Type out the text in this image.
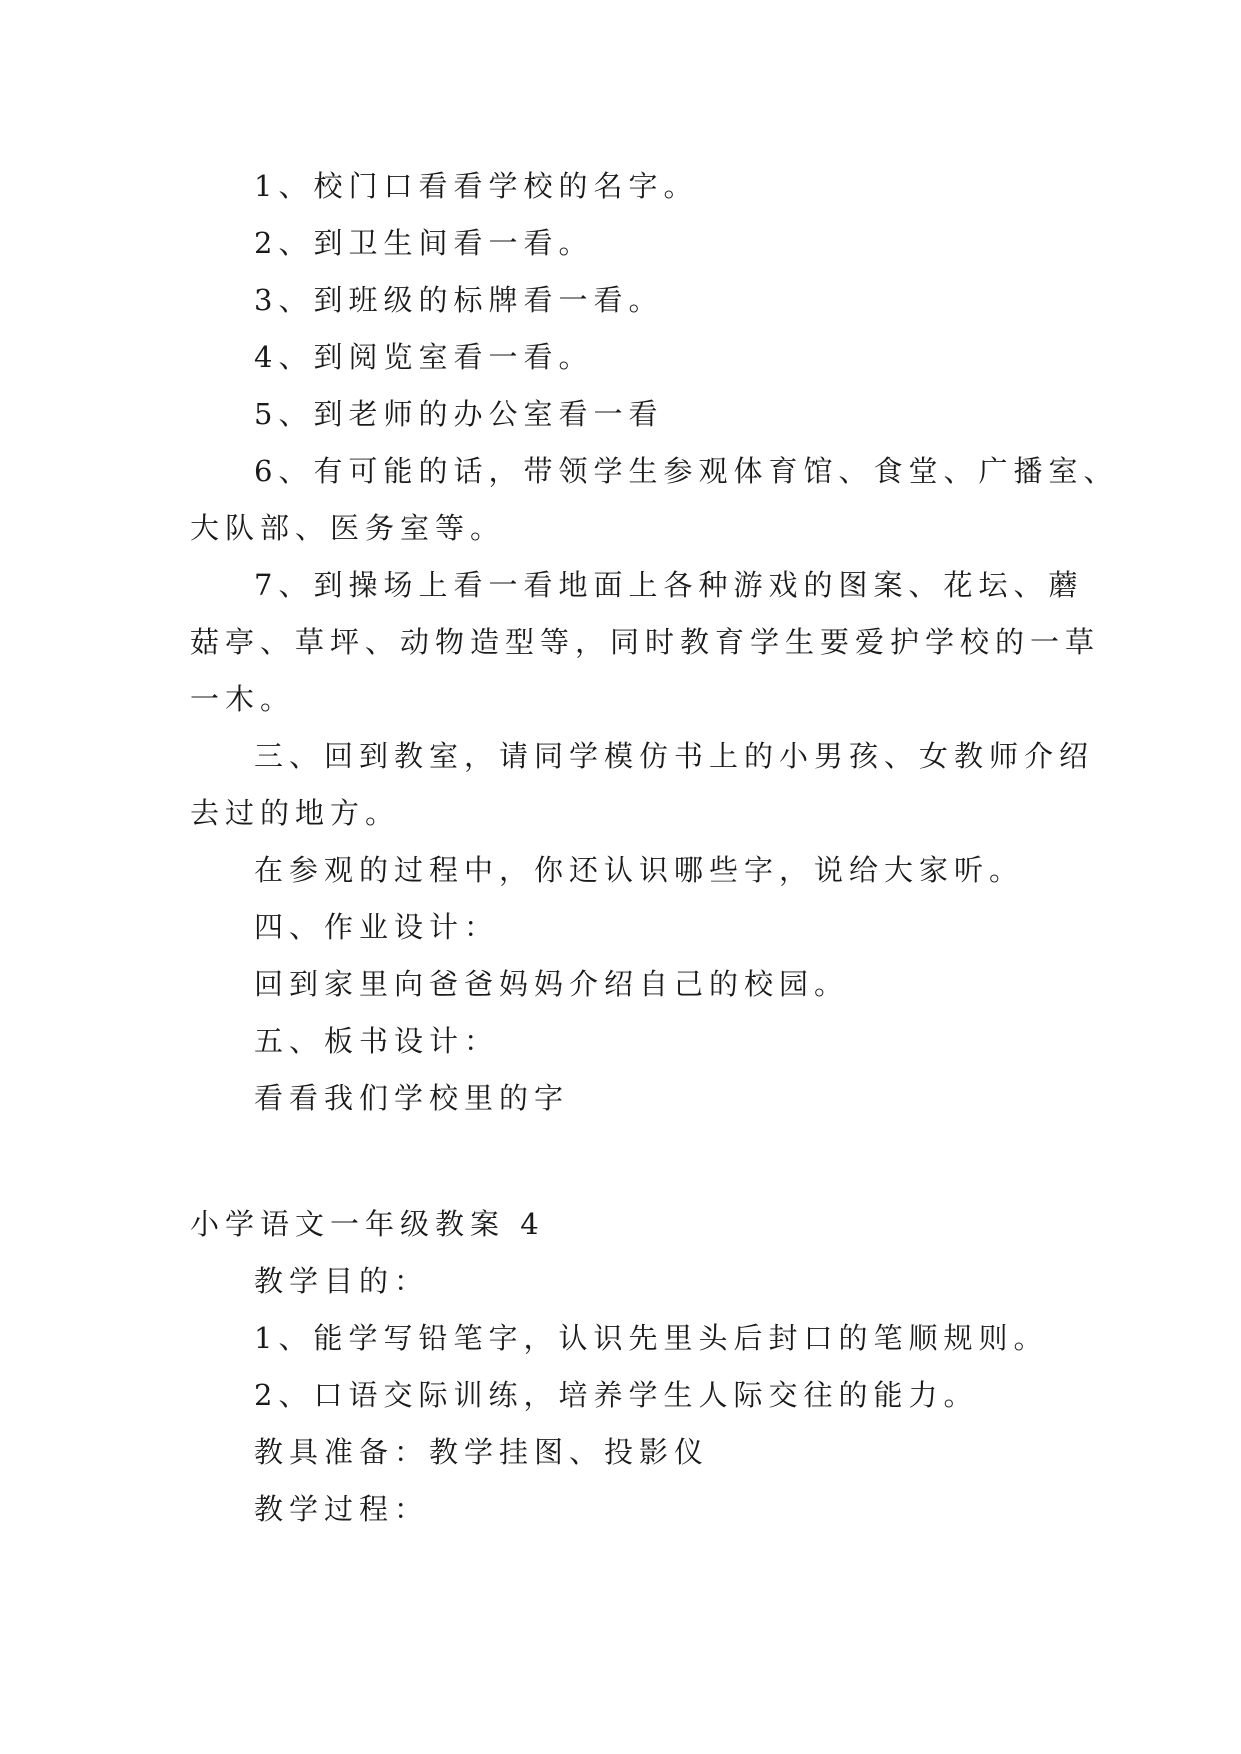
1、校门口看看学校的名字。
2、到卫生间看一看。
3、到班级的标牌看一看。
4、到阅览室看一看。
5、到老师的办公室看一看
6、有可能的话，带领学生参观体育馆、食堂、广播室、
大队部、医务室等。
7、到操场上看一看地面上各种游戏的图案、花坛、蘑
菇亭、草坪、动物造型等，同时教育学生要爱护学校的一草
一木。
三、回到教室，请同学模仿书上的小男孩、女教师介绍
去过的地方。
在参观的过程中，你还认识哪些字，说给大家听。
四、作业设计：
回到家里向爸爸妈妈介绍自己的校园。
五、板书设计：
看看我们学校里的字
小学语文一年级教案 4
教学目的：
1、能学写铅笔字，认识先里头后封口的笔顺规则。
2、口语交际训练，培养学生人际交往的能力。
教具准备：教学挂图、投影仪
教学过程：
